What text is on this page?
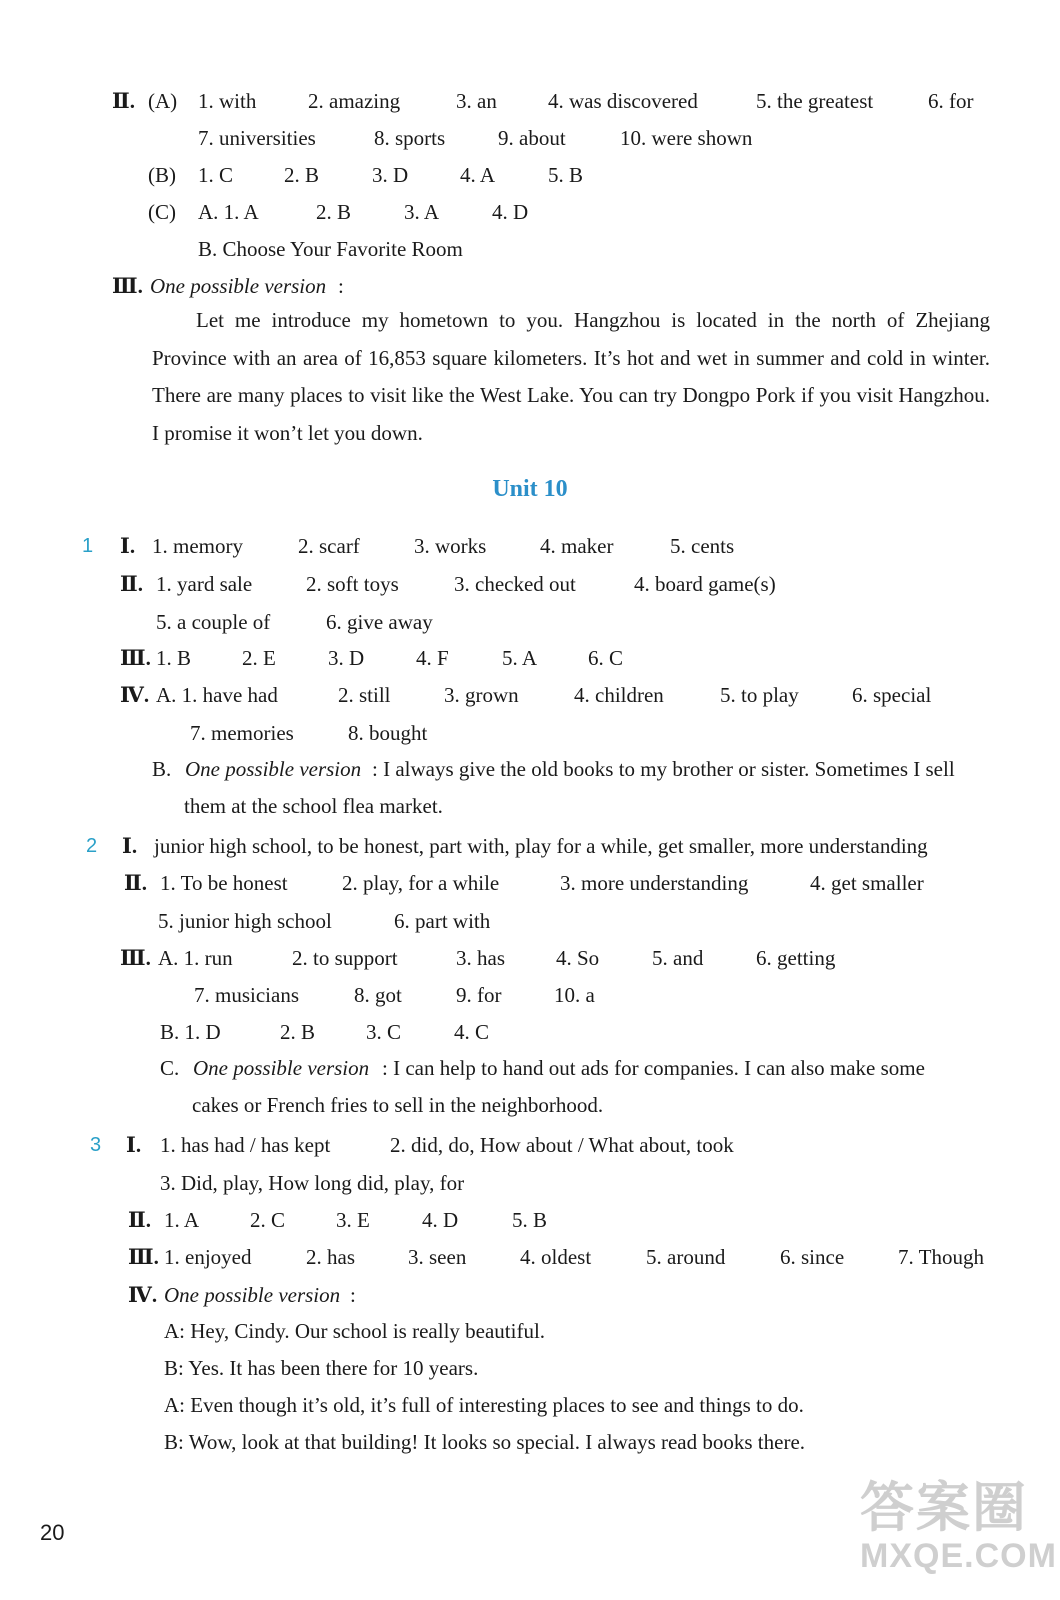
Ⅱ. (A) 1. with 2. amazing	3. an 4. was discovered	5. the greatest	6. for
7. universities	8. sports	9. about	10. were shown
(B) 1. C 2. B	3. D 4. A	5. B
(C) A. 1. A	2. B	3. A	4. D
B. Choose Your Favorite Room
Ⅲ. One possible version :
1 Ⅰ. 1. memory	2. scarf	3. works	4. maker	5. cents
Ⅱ. 1. yard sale	2. soft toys	3. checked out	4. board game(s)
5. a couple of	6. give away
Ⅲ. 1. B 2. E 3. D 4. F	5. A 6. C
Ⅳ. A. 1. have had	2. still	3. grown	4. children	5. to play	6. special
7. memories	8. bought
B. One possible version : I always give the old books to my brother or sister. Sometimes I sell
them at the school flea market.
2 Ⅰ. junior high school, to be honest, part with, play for a while, get smaller, more understanding
Ⅱ. 1. To be honest	2. play, for a while	3. more understanding	4. get smaller
5. junior high school	6. part with
Ⅲ. A. 1. run	2. to support	3. has 4. So	5. and	6. getting
7. musicians	8. got	9. for	10. a
B. 1. D	2. B 3. C	4. C
C. One possible version : I can help to hand out ads for companies. I can also make some
cakes or French fries to sell in the neighborhood.
3 Ⅰ. 1. has had / has kept	2. did, do, How about / What about, took
3. Did, play, How long did, play, for
Ⅱ. 1. A 2. C 3. E 4. D	5. B
Ⅲ. 1. enjoyed	2. has	3. seen	4. oldest	5. around	6. since	7. Though
Ⅳ. One possible version :
A: Hey, Cindy. Our school is really beautiful.
B: Yes. It has been there for 10 years.
A: Even though it’s old, it’s full of interesting places to see and things to do.
B: Wow, look at that building! It looks so special. I always read books there.

Let me introduce my hometown to you. Hangzhou is located in the north of Zhejiang Province with an area of 16,853 square kilometers. It’s hot and wet in summer and cold in winter. There are many places to visit like the West Lake. You can try Dongpo Pork if you visit Hangzhou. I promise it won’t let you down.

Unit 10
20	答案圈
MXQE.COM
